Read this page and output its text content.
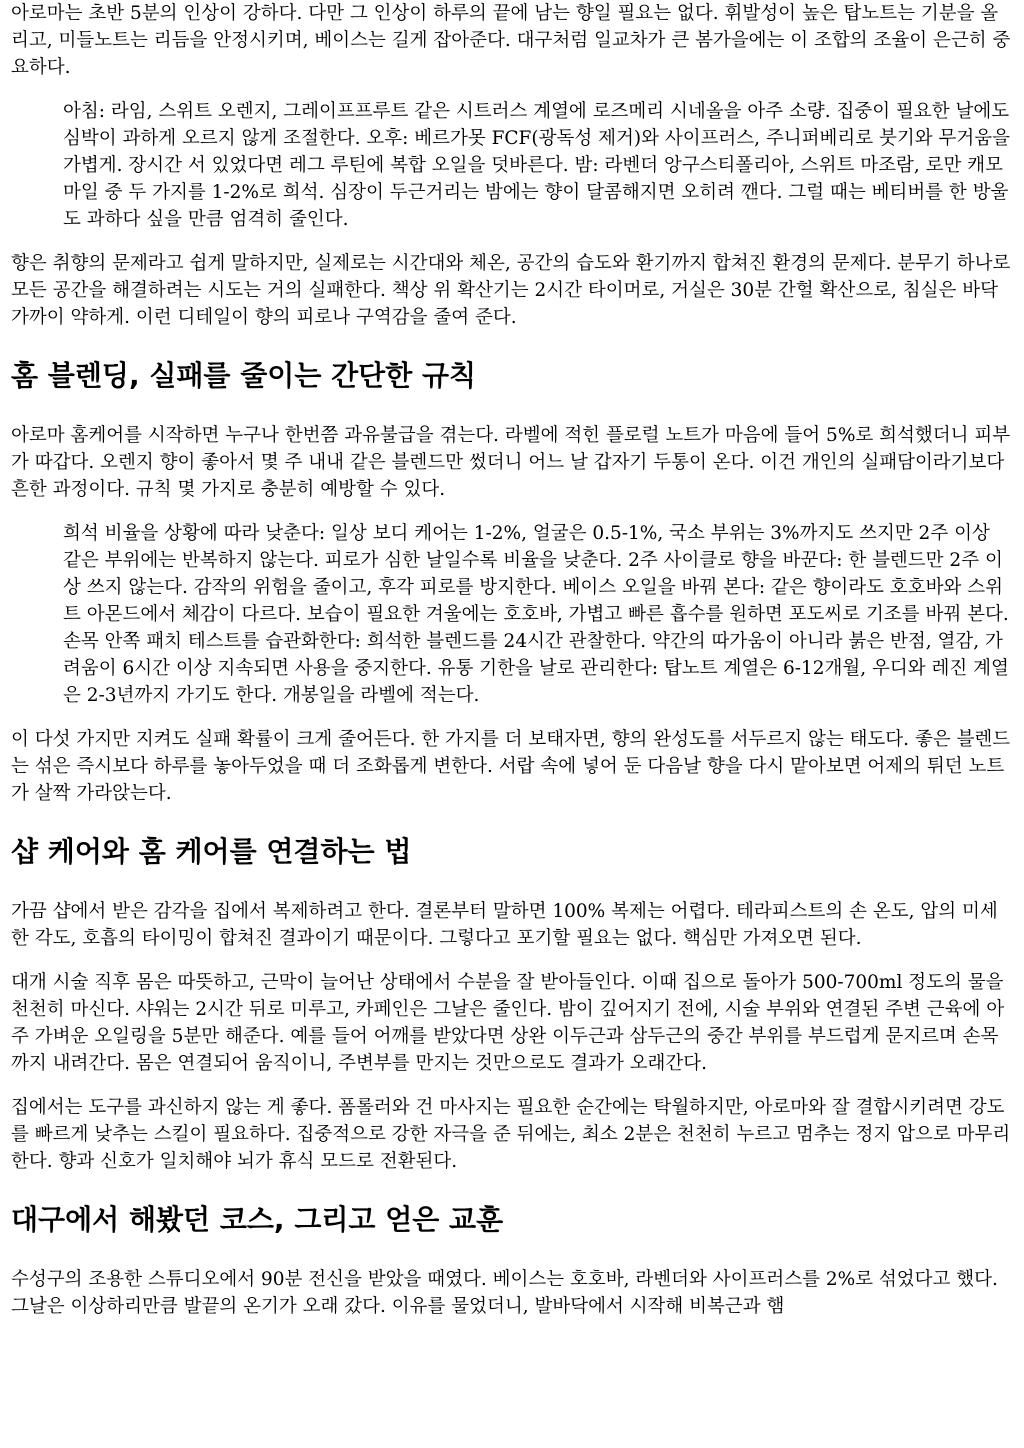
아로마는 초반 5분의 인상이 강하다. 다만 그 인상이 하루의 끝에 남는 향일 필요는 없다. 휘발성이 높은 탑노트는 기분을 올리고, 미들노트는 리듬을 안정시키며, 베이스는 길게 잡아준다. 대구처럼 일교차가 큰 봄가을에는 이 조합의 조율이 은근히 중요하다.

아침: 라임, 스위트 오렌지, 그레이프프루트 같은 시트러스 계열에 로즈메리 시네올을 아주 소량. 집중이 필요한 날에도 심박이 과하게 오르지 않게 조절한다. 오후: 베르가못 FCF(광독성 제거)와 사이프러스, 주니퍼베리로 붓기와 무거움을 가볍게. 장시간 서 있었다면 레그 루틴에 복합 오일을 덧바른다. 밤: 라벤더 앙구스티폴리아, 스위트 마조람, 로만 캐모마일 중 두 가지를 1-2%로 희석. 심장이 두근거리는 밤에는 향이 달콤해지면 오히려 깬다. 그럴 때는 베티버를 한 방울도 과하다 싶을 만큼 엄격히 줄인다.

향은 취향의 문제라고 쉽게 말하지만, 실제로는 시간대와 체온, 공간의 습도와 환기까지 합쳐진 환경의 문제다. 분무기 하나로 모든 공간을 해결하려는 시도는 거의 실패한다. 책상 위 확산기는 2시간 타이머로, 거실은 30분 간헐 확산으로, 침실은 바닥 가까이 약하게. 이런 디테일이 향의 피로나 구역감을 줄여 준다.

홈 블렌딩, 실패를 줄이는 간단한 규칙

아로마 홈케어를 시작하면 누구나 한번쯤 과유불급을 겪는다. 라벨에 적힌 플로럴 노트가 마음에 들어 5%로 희석했더니 피부가 따갑다. 오렌지 향이 좋아서 몇 주 내내 같은 블렌드만 썼더니 어느 날 갑자기 두통이 온다. 이건 개인의 실패담이라기보다 흔한 과정이다. 규칙 몇 가지로 충분히 예방할 수 있다.

희석 비율을 상황에 따라 낮춘다: 일상 보디 케어는 1-2%, 얼굴은 0.5-1%, 국소 부위는 3%까지도 쓰지만 2주 이상 같은 부위에는 반복하지 않는다. 피로가 심한 날일수록 비율을 낮춘다. 2주 사이클로 향을 바꾼다: 한 블렌드만 2주 이상 쓰지 않는다. 감작의 위험을 줄이고, 후각 피로를 방지한다. 베이스 오일을 바꿔 본다: 같은 향이라도 호호바와 스위트 아몬드에서 체감이 다르다. 보습이 필요한 겨울에는 호호바, 가볍고 빠른 흡수를 원하면 포도씨로 기조를 바꿔 본다. 손목 안쪽 패치 테스트를 습관화한다: 희석한 블렌드를 24시간 관찰한다. 약간의 따가움이 아니라 붉은 반점, 열감, 가려움이 6시간 이상 지속되면 사용을 중지한다. 유통 기한을 날로 관리한다: 탑노트 계열은 6-12개월, 우디와 레진 계열은 2-3년까지 가기도 한다. 개봉일을 라벨에 적는다.

이 다섯 가지만 지켜도 실패 확률이 크게 줄어든다. 한 가지를 더 보태자면, 향의 완성도를 서두르지 않는 태도다. 좋은 블렌드는 섞은 즉시보다 하루를 놓아두었을 때 더 조화롭게 변한다. 서랍 속에 넣어 둔 다음날 향을 다시 맡아보면 어제의 튀던 노트가 살짝 가라앉는다.

샵 케어와 홈 케어를 연결하는 법

가끔 샵에서 받은 감각을 집에서 복제하려고 한다. 결론부터 말하면 100% 복제는 어렵다. 테라피스트의 손 온도, 압의 미세한 각도, 호흡의 타이밍이 합쳐진 결과이기 때문이다. 그렇다고 포기할 필요는 없다. 핵심만 가져오면 된다.

대개 시술 직후 몸은 따뜻하고, 근막이 늘어난 상태에서 수분을 잘 받아들인다. 이때 집으로 돌아가 500-700ml 정도의 물을 천천히 마신다. 샤워는 2시간 뒤로 미루고, 카페인은 그날은 줄인다. 밤이 깊어지기 전에, 시술 부위와 연결된 주변 근육에 아주 가벼운 오일링을 5분만 해준다. 예를 들어 어깨를 받았다면 상완 이두근과 삼두근의 중간 부위를 부드럽게 문지르며 손목까지 내려간다. 몸은 연결되어 움직이니, 주변부를 만지는 것만으로도 결과가 오래간다.

집에서는 도구를 과신하지 않는 게 좋다. 폼롤러와 건 마사지는 필요한 순간에는 탁월하지만, 아로마와 잘 결합시키려면 강도를 빠르게 낮추는 스킬이 필요하다. 집중적으로 강한 자극을 준 뒤에는, 최소 2분은 천천히 누르고 멈추는 정지 압으로 마무리한다. 향과 신호가 일치해야 뇌가 휴식 모드로 전환된다.

대구에서 해봤던 코스, 그리고 얻은 교훈

수성구의 조용한 스튜디오에서 90분 전신을 받았을 때였다. 베이스는 호호바, 라벤더와 사이프러스를 2%로 섞었다고 했다. 그날은 이상하리만큼 발끝의 온기가 오래 갔다. 이유를 물었더니, 발바닥에서 시작해 비복근과 햄
